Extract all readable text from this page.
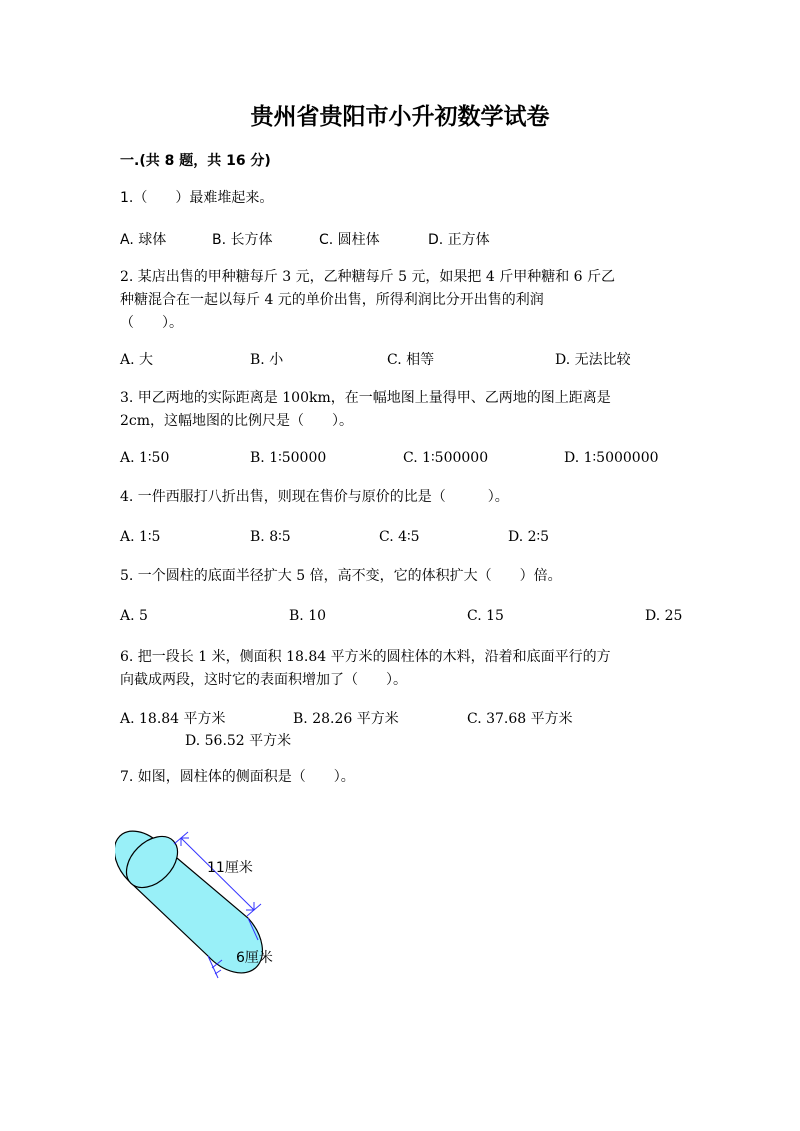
贵州省贵阳市小升初数学试卷
一.(共 8 题，共 16 分)
1.（　　）最难堆起来。
A. 球体	B. 长方体	C. 圆柱体	D. 正方体
2. 某店出售的甲种糖每斤 3 元，乙种糖每斤 5 元，如果把 4 斤甲种糖和 6 斤乙
种糖混合在一起以每斤 4 元的单价出售，所得利润比分开出售的利润
（　　）。
A. 大	B. 小	C. 相等	D. 无法比较
3. 甲乙两地的实际距离是 100km，在一幅地图上量得甲、乙两地的图上距离是
2cm，这幅地图的比例尺是（　　）。
A. 1∶50	B. 1∶50000	C. 1∶500000	D. 1∶5000000
4. 一件西服打八折出售，则现在售价与原价的比是（　　　）。
A. 1∶5	B. 8∶5	C. 4∶5	D. 2∶5
5. 一个圆柱的底面半径扩大 5 倍，高不变，它的体积扩大（　　）倍。
A. 5	B. 10	C. 15	D. 25
6. 把一段长 1 米，侧面积 18.84 平方米的圆柱体的木料，沿着和底面平行的方
向截成两段，这时它的表面积增加了（　　）。
A. 18.84 平方米	B. 28.26 平方米	C. 37.68 平方米
D. 56.52 平方米
7. 如图，圆柱体的侧面积是（　　）。
11厘米
6厘米
